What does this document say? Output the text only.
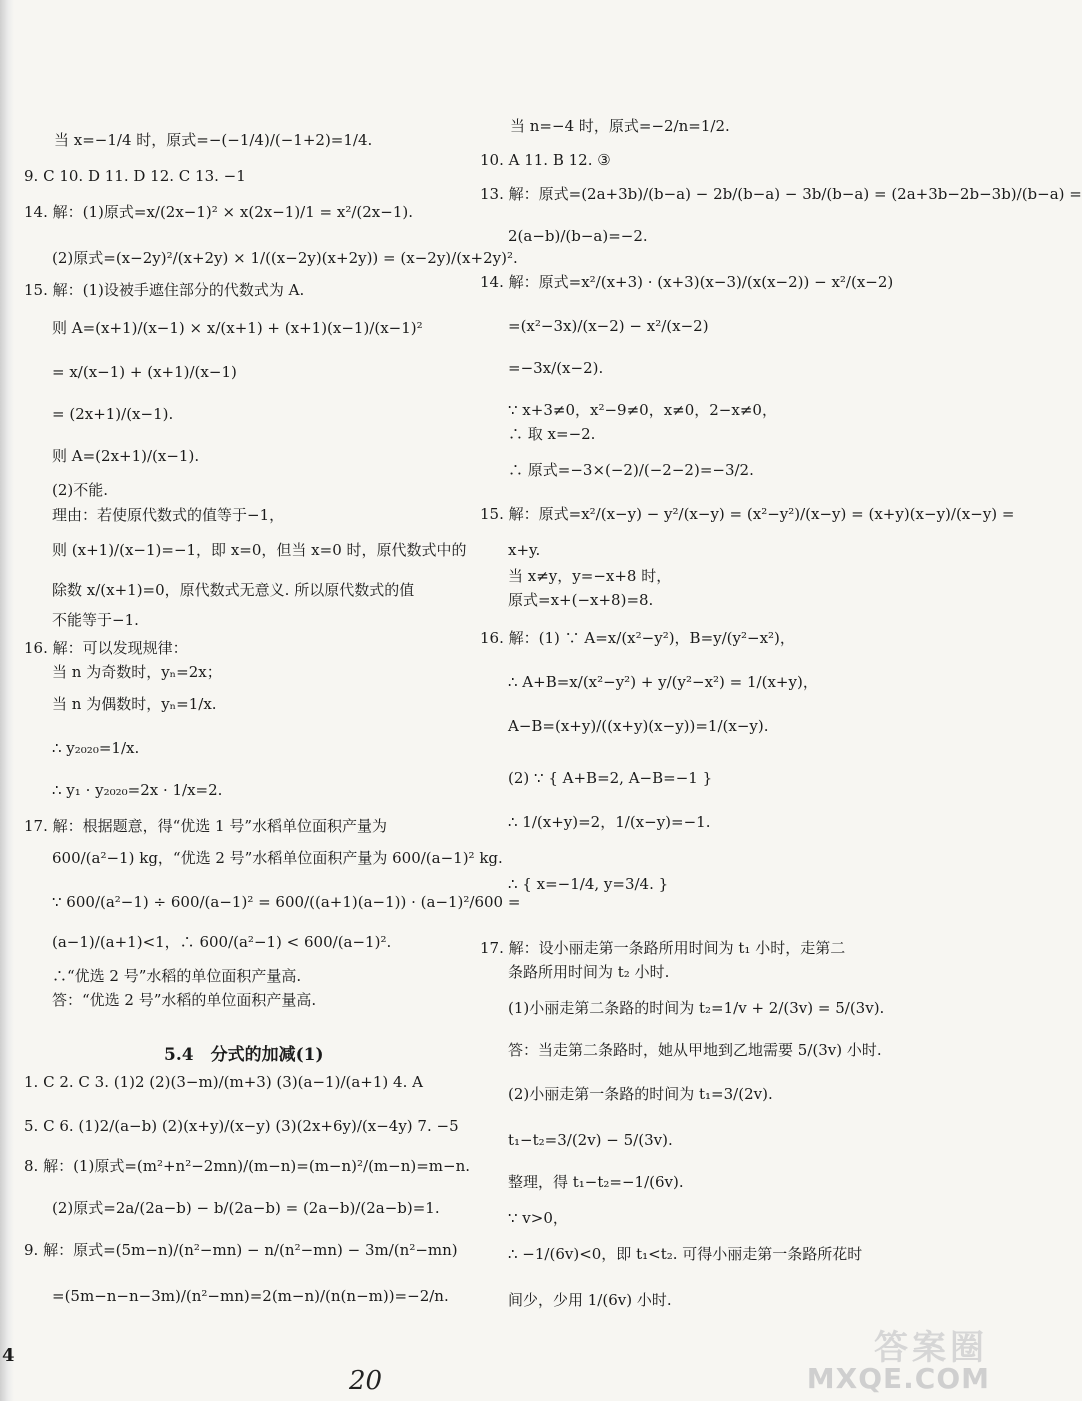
当 x=−1/4 时，原式=−(−1/4)/(−1+2)=1/4.
9. C 10. D 11. D 12. C 13. −1
14. 解：(1)原式=x/(2x−1)² × x(2x−1)/1 = x²/(2x−1).
(2)原式=(x−2y)²/(x+2y) × 1/((x−2y)(x+2y)) = (x−2y)/(x+2y)².
15. 解：(1)设被手遮住部分的代数式为 A.
则 A=(x+1)/(x−1) × x/(x+1) + (x+1)(x−1)/(x−1)²
= x/(x−1) + (x+1)/(x−1)
= (2x+1)/(x−1).
则 A=(2x+1)/(x−1).
(2)不能.
理由：若使原代数式的值等于−1，
则 (x+1)/(x−1)=−1，即 x=0，但当 x=0 时，原代数式中的
除数 x/(x+1)=0，原代数式无意义. 所以原代数式的值
不能等于−1.
16. 解：可以发现规律：
当 n 为奇数时，yₙ=2x；
当 n 为偶数时，yₙ=1/x.
∴ y₂₀₂₀=1/x.
∴ y₁ · y₂₀₂₀=2x · 1/x=2.
17. 解：根据题意，得“优选 1 号”水稻单位面积产量为
600/(a²−1) kg，“优选 2 号”水稻单位面积产量为 600/(a−1)² kg.
∵ 600/(a²−1) ÷ 600/(a−1)² = 600/((a+1)(a−1)) · (a−1)²/600 =
(a−1)/(a+1)<1，∴ 600/(a²−1) < 600/(a−1)².
∴“优选 2 号”水稻的单位面积产量高.
答：“优选 2 号”水稻的单位面积产量高.
5.4　分式的加减(1)
1. C 2. C 3. (1)2 (2)(3−m)/(m+3) (3)(a−1)/(a+1) 4. A
5. C 6. (1)2/(a−b) (2)(x+y)/(x−y) (3)(2x+6y)/(x−4y) 7. −5
8. 解：(1)原式=(m²+n²−2mn)/(m−n)=(m−n)²/(m−n)=m−n.
(2)原式=2a/(2a−b) − b/(2a−b) = (2a−b)/(2a−b)=1.
9. 解：原式=(5m−n)/(n²−mn) − n/(n²−mn) − 3m/(n²−mn)
=(5m−n−n−3m)/(n²−mn)=2(m−n)/(n(n−m))=−2/n.
4
当 n=−4 时，原式=−2/n=1/2.
10. A 11. B 12. ③
13. 解：原式=(2a+3b)/(b−a) − 2b/(b−a) − 3b/(b−a) = (2a+3b−2b−3b)/(b−a) =
2(a−b)/(b−a)=−2.
14. 解：原式=x²/(x+3) · (x+3)(x−3)/(x(x−2)) − x²/(x−2)
=(x²−3x)/(x−2) − x²/(x−2)
=−3x/(x−2).
∵ x+3≠0，x²−9≠0，x≠0，2−x≠0，
∴ 取 x=−2.
∴ 原式=−3×(−2)/(−2−2)=−3/2.
15. 解：原式=x²/(x−y) − y²/(x−y) = (x²−y²)/(x−y) = (x+y)(x−y)/(x−y) =
x+y.
当 x≠y，y=−x+8 时，
原式=x+(−x+8)=8.
16. 解：(1) ∵ A=x/(x²−y²)，B=y/(y²−x²)，
∴ A+B=x/(x²−y²) + y/(y²−x²) = 1/(x+y)，
A−B=(x+y)/((x+y)(x−y))=1/(x−y).
(2) ∵ { A+B=2, A−B=−1 }
∴ 1/(x+y)=2，1/(x−y)=−1.
∴ { x=−1/4, y=3/4. }
17. 解：设小丽走第一条路所用时间为 t₁ 小时，走第二
条路所用时间为 t₂ 小时.
(1)小丽走第二条路的时间为 t₂=1/v + 2/(3v) = 5/(3v).
答：当走第二条路时，她从甲地到乙地需要 5/(3v) 小时.
(2)小丽走第一条路的时间为 t₁=3/(2v).
t₁−t₂=3/(2v) − 5/(3v).
整理，得 t₁−t₂=−1/(6v).
∵ v>0，
∴ −1/(6v)<0，即 t₁<t₂. 可得小丽走第一条路所花时
间少，少用 1/(6v) 小时.
20
答案圈
MXQE.COM
